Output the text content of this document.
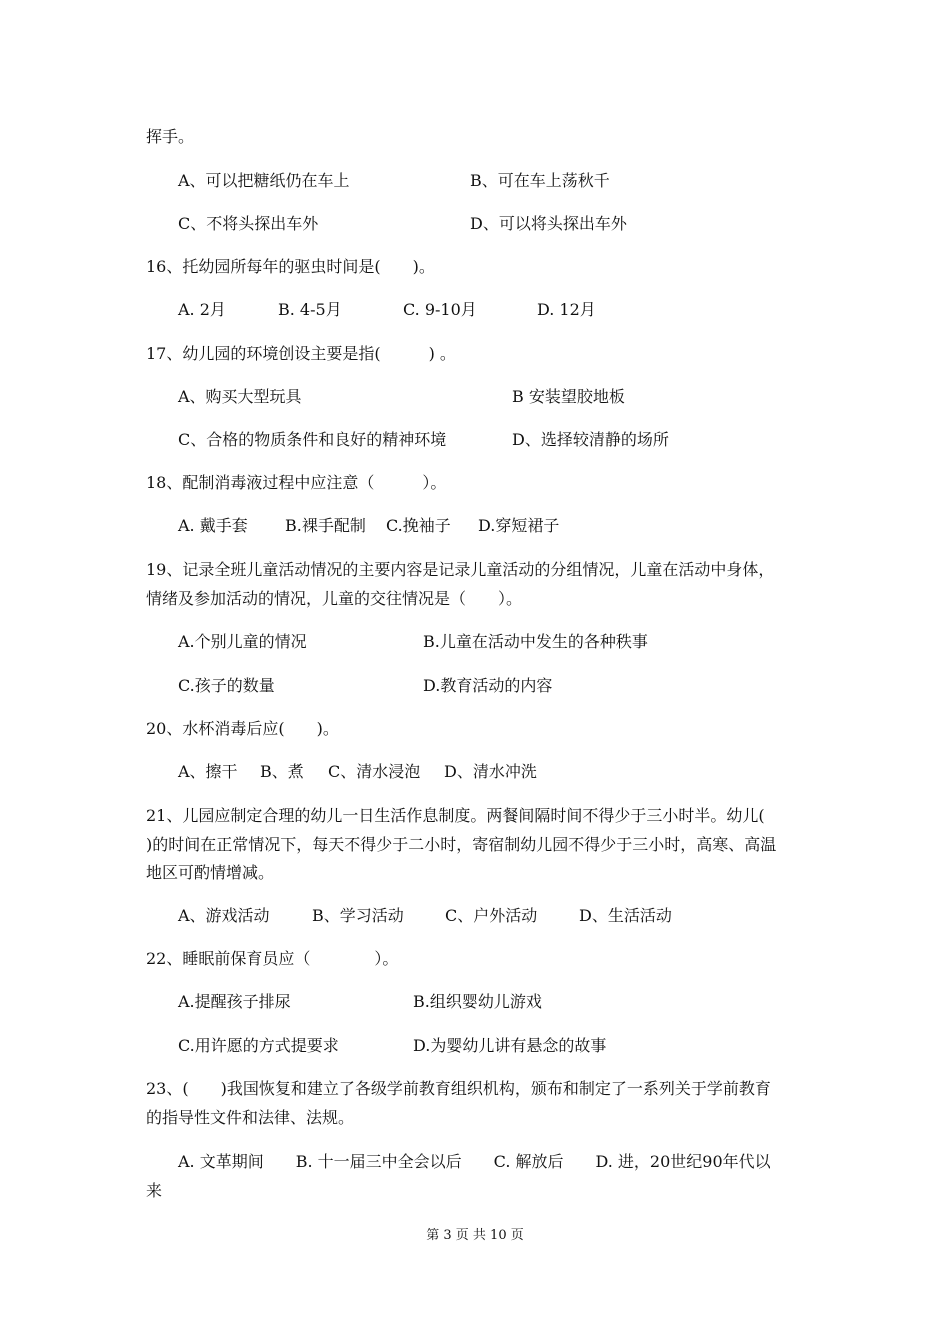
挥手。
A、可以把糖纸仍在车上	B、可在车上荡秋千
C、不将头探出车外	D、可以将头探出车外
16、托幼园所每年的驱虫时间是(　　)。
A. 2月	B. 4-5月	C. 9-10月	D. 12月
17、幼儿园的环境创设主要是指(　　　) 。
A、购买大型玩具	B 安装望胶地板
C、合格的物质条件和良好的精神环境	D、选择较清静的场所
18、配制消毒液过程中应注意（　　　）。
A. 戴手套 B.裸手配制 C.挽袖子 D.穿短裙子
19、记录全班儿童活动情况的主要内容是记录儿童活动的分组情况，儿童在活动中身体，
情绪及参加活动的情况，儿童的交往情况是（　　）。
A.个别儿童的情况	B.儿童在活动中发生的各种秩事
C.孩子的数量	D.教育活动的内容
20、水杯消毒后应(　　)。
A、擦干 B、煮 C、清水浸泡 D、清水冲洗
21、儿园应制定合理的幼儿一日生活作息制度。两餐间隔时间不得少于三小时半。幼儿(
)的时间在正常情况下，每天不得少于二小时，寄宿制幼儿园不得少于三小时，高寒、高温
地区可酌情增减。
A、游戏活动	B、学习活动	C、户外活动	D、生活活动
22、睡眠前保育员应（　　　　）。
A.提醒孩子排尿	B.组织婴幼儿游戏
C.用许愿的方式提要求	D.为婴幼儿讲有悬念的故事
23、(　　)我国恢复和建立了各级学前教育组织机构，颁布和制定了一系列关于学前教育
的指导性文件和法律、法规。
A. 文革期间　　B. 十一届三中全会以后　　C. 解放后　　D. 进，20世纪90年代以
来
第 3 页 共 10 页
